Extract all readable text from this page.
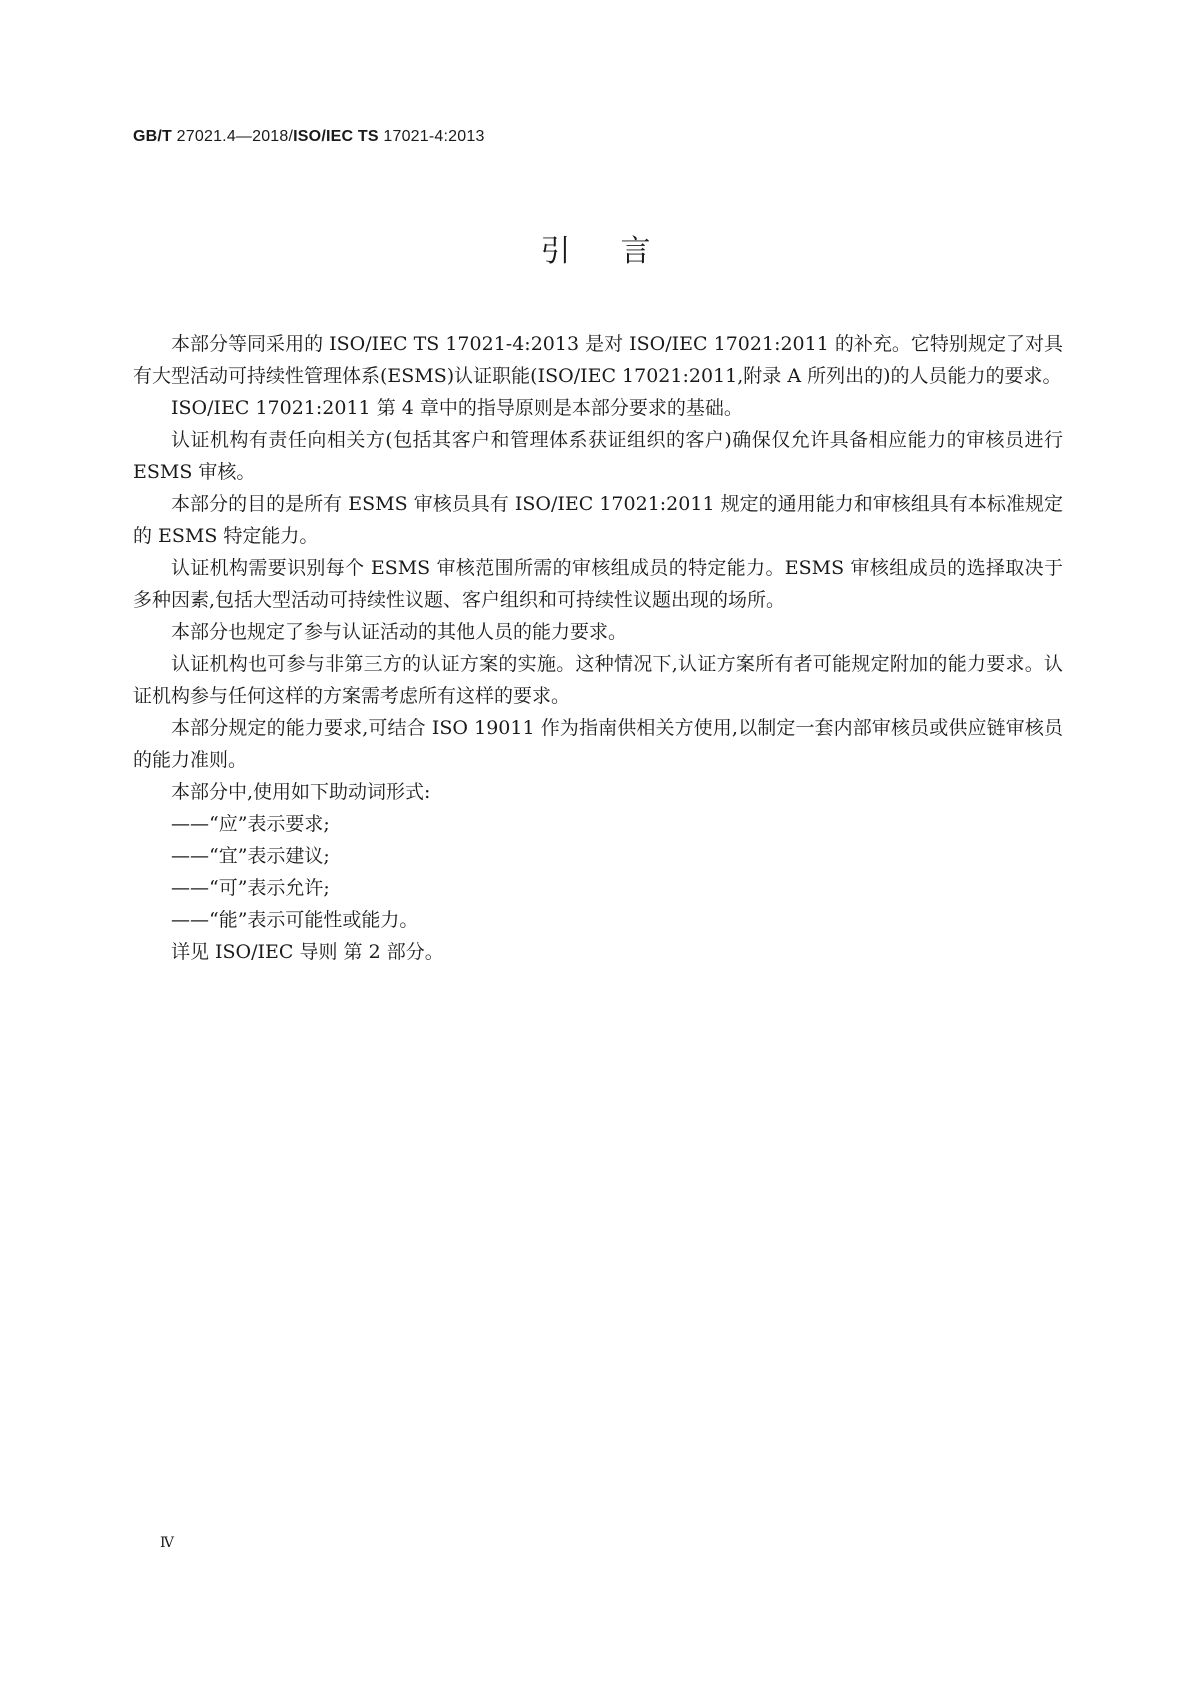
GB/T 27021.4—2018/ISO/IEC TS 17021-4:2013
引言

本部分等同采用的 ISO/IEC TS 17021-4:2013 是对 ISO/IEC 17021:2011 的补充。它特别规定了对具有大型活动可持续性管理体系(ESMS)认证职能(ISO/IEC 17021:2011,附录 A 所列出的)的人员能力的要求。

ISO/IEC 17021:2011 第 4 章中的指导原则是本部分要求的基础。

认证机构有责任向相关方(包括其客户和管理体系获证组织的客户)确保仅允许具备相应能力的审核员进行 ESMS 审核。

本部分的目的是所有 ESMS 审核员具有 ISO/IEC 17021:2011 规定的通用能力和审核组具有本标准规定的 ESMS 特定能力。

认证机构需要识别每个 ESMS 审核范围所需的审核组成员的特定能力。ESMS 审核组成员的选择取决于多种因素,包括大型活动可持续性议题、客户组织和可持续性议题出现的场所。

本部分也规定了参与认证活动的其他人员的能力要求。

认证机构也可参与非第三方的认证方案的实施。这种情况下,认证方案所有者可能规定附加的能力要求。认证机构参与任何这样的方案需考虑所有这样的要求。

本部分规定的能力要求,可结合 ISO 19011 作为指南供相关方使用,以制定一套内部审核员或供应链审核员的能力准则。

本部分中,使用如下助动词形式:

——“应”表示要求;

——“宜”表示建议;

——“可”表示允许;

——“能”表示可能性或能力。

详见 ISO/IEC 导则 第 2 部分。

Ⅳ
